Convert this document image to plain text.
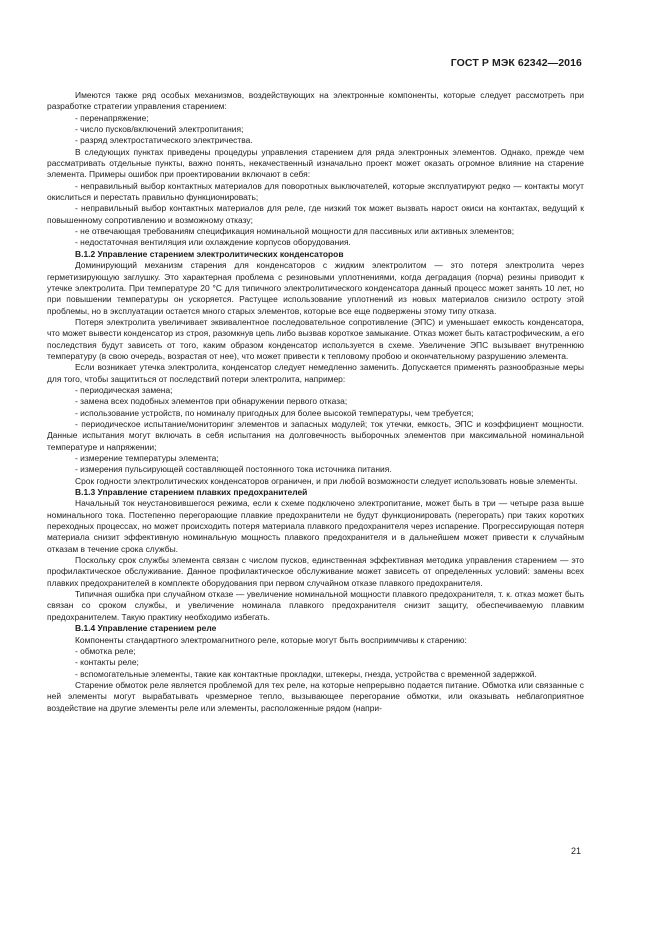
ГОСТ Р МЭК 62342—2016

Имеются также ряд особых механизмов, воздействующих на электронные компоненты, которые следует рассмотреть при разработке стратегии управления старением:

- перенапряжение;

- число пусков/включений электропитания;

- разряд электростатического электричества.

В следующих пунктах приведены процедуры управления старением для ряда электронных элементов. Однако, прежде чем рассматривать отдельные пункты, важно понять, некачественный изначально проект может оказать огромное влияние на старение элемента. Примеры ошибок при проектировании включают в себя:

- неправильный выбор контактных материалов для поворотных выключателей, которые эксплуатируют редко — контакты могут окислиться и перестать правильно функционировать;

- неправильный выбор контактных материалов для реле, где низкий ток может вызвать нарост окиси на контактах, ведущий к повышенному сопротивлению и возможному отказу;

- не отвечающая требованиям спецификация номинальной мощности для пассивных или активных элементов;

- недостаточная вентиляция или охлаждение корпусов оборудования.

В.1.2 Управление старением электролитических конденсаторов

Доминирующий механизм старения для конденсаторов с жидким электролитом — это потеря электролита через герметизирующую заглушку. Это характерная проблема с резиновыми уплотнениями, когда деградация (порча) резины приводит к утечке электролита. При температуре 20 °С для типичного электролитического конденсатора данный процесс может занять 10 лет, но при повышении температуры он ускоряется. Растущее использование уплотнений из новых материалов снизило остроту этой проблемы, но в эксплуатации остается много старых элементов, которые все еще подвержены этому типу отказа.

Потеря электролита увеличивает эквивалентное последовательное сопротивление (ЭПС) и уменьшает емкость конденсатора, что может вывести конденсатор из строя, разомкнув цепь либо вызвав короткое замыкание. Отказ может быть катастрофическим, а его последствия будут зависеть от того, каким образом конденсатор используется в схеме. Увеличение ЭПС вызывает внутреннюю температуру (в свою очередь, возрастая от нее), что может привести к тепловому пробою и окончательному разрушению элемента.

Если возникает утечка электролита, конденсатор следует немедленно заменить. Допускается применять разнообразные меры для того, чтобы защититься от последствий потери электролита, например:

- периодическая замена;

- замена всех подобных элементов при обнаружении первого отказа;

- использование устройств, по номиналу пригодных для более высокой температуры, чем требуется;

- периодическое испытание/мониторинг элементов и запасных модулей; ток утечки, емкость, ЭПС и коэффициент мощности. Данные испытания могут включать в себя испытания на долговечность выборочных элементов при максимальной номинальной температуре и напряжении;

- измерение температуры элемента;

- измерения пульсирующей составляющей постоянного тока источника питания.

Срок годности электролитических конденсаторов ограничен, и при любой возможности следует использовать новые элементы.

В.1.3 Управление старением плавких предохранителей

Начальный ток неустановившегося режима, если к схеме подключено электропитание, может быть в три — четыре раза выше номинального тока. Постепенно перегорающие плавкие предохранители не будут функционировать (перегорать) при таких коротких переходных процессах, но может происходить потеря материала плавкого предохранителя через испарение. Прогрессирующая потеря материала снизит эффективную номинальную мощность плавкого предохранителя и в дальнейшем может привести к случайным отказам в течение срока службы.

Поскольку срок службы элемента связан с числом пусков, единственная эффективная методика управления старением — это профилактическое обслуживание. Данное профилактическое обслуживание может зависеть от определенных условий: замены всех плавких предохранителей в комплекте оборудования при первом случайном отказе плавкого предохранителя.

Типичная ошибка при случайном отказе — увеличение номинальной мощности плавкого предохранителя, т. к. отказ может быть связан со сроком службы, и увеличение номинала плавкого предохранителя снизит защиту, обеспечиваемую плавким предохранителем. Такую практику необходимо избегать.

В.1.4 Управление старением реле

Компоненты стандартного электромагнитного реле, которые могут быть восприимчивы к старению:

- обмотка реле;

- контакты реле;

- вспомогательные элементы, такие как контактные прокладки, штекеры, гнезда, устройства с временной задержкой.

Старение обмоток реле является проблемой для тех реле, на которые непрерывно подается питание. Обмотка или связанные с ней элементы могут вырабатывать чрезмерное тепло, вызывающее перегорание обмотки, или оказывать неблагоприятное воздействие на другие элементы реле или элементы, расположенные рядом (напри-

21
